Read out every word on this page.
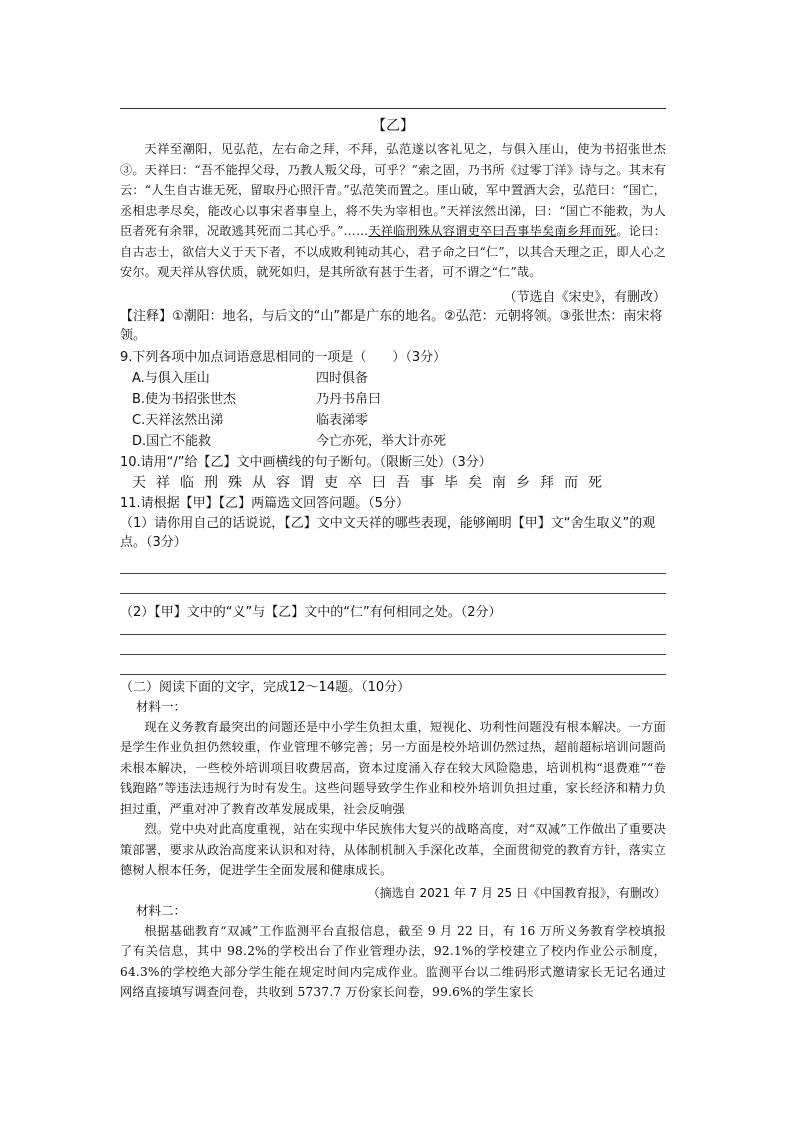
【乙】

天祥至潮阳，见弘范，左右命之拜，不拜，弘范遂以客礼见之，与俱入厓山，使为书招张世杰③。天祥曰：“吾不能捍父母，乃教人叛父母，可乎？”索之固，乃书所《过零丁洋》诗与之。其末有云：“人生自古谁无死，留取丹心照汗青。”弘范笑而置之。厓山破，军中置酒大会，弘范曰：“国亡，丞相忠孝尽矣，能改心以事宋者事皇上，将不失为宰相也。”天祥泫然出涕，曰：“国亡不能救，为人臣者死有余罪，况敢逃其死而二其心乎。”……天祥临刑殊从容谓吏卒曰吾事毕矣南乡拜而死。论曰：自古志士，欲信大义于天下者，不以成败利钝动其心，君子命之曰“仁”，以其合天理之正，即人心之安尔。观天祥从容伏质，就死如归，是其所欲有甚于生者，可不谓之“仁”哉。

（节选自《宋史》，有删改）
【注释】①潮阳：地名，与后文的“山”都是广东的地名。②弘范：元朝将领。③张世杰：南宋将领。
9.下列各项中加点词语意思相同的一项是（　　）（3分）
A.与俱入厓山	四时俱备
B.使为书招张世杰	乃丹书帛曰
C.天祥泫然出涕	临表涕零
D.国亡不能救	今亡亦死，举大计亦死
10.请用“/”给【乙】文中画横线的句子断句。（限断三处）（3分）
天 祥 临 刑 殊 从 容 谓 吏 卒 曰 吾 事 毕 矣 南 乡 拜 而 死
11.请根据【甲】【乙】两篇选文回答问题。（5分）
（1）请你用自己的话说说，【乙】文中文天祥的哪些表现，能够阐明【甲】文“舍生取义”的观点。（3分）
（2）【甲】文中的“义”与【乙】文中的“仁”有何相同之处。（2分）
（二）阅读下面的文字，完成12～14题。（10分）
材料一：

现在义务教育最突出的问题还是中小学生负担太重，短视化、功利性问题没有根本解决。一方面是学生作业负担仍然较重，作业管理不够完善；另一方面是校外培训仍然过热，超前超标培训问题尚未根本解决，一些校外培训项目收费居高，资本过度涌入存在较大风险隐患，培训机构“退费难”“卷钱跑路”等违法违规行为时有发生。这些问题导致学生作业和校外培训负担过重，家长经济和精力负担过重，严重对冲了教育改革发展成果，社会反响强

烈。党中央对此高度重视，站在实现中华民族伟大复兴的战略高度，对“双减”工作做出了重要决策部署，要求从政治高度来认识和对待，从体制机制入手深化改革，全面贯彻党的教育方针，落实立德树人根本任务，促进学生全面发展和健康成长。

（摘选自 2021 年 7 月 25 日《中国教育报》，有删改）
材料二：

根据基础教育“双减”工作监测平台直报信息，截至 9 月 22 日，有 16 万所义务教育学校填报了有关信息，其中 98.2%的学校出台了作业管理办法，92.1%的学校建立了校内作业公示制度，64.3%的学校绝大部分学生能在规定时间内完成作业。监测平台以二维码形式邀请家长无记名通过网络直接填写调查问卷，共收到 5737.7 万份家长问卷，99.6%的学生家长
